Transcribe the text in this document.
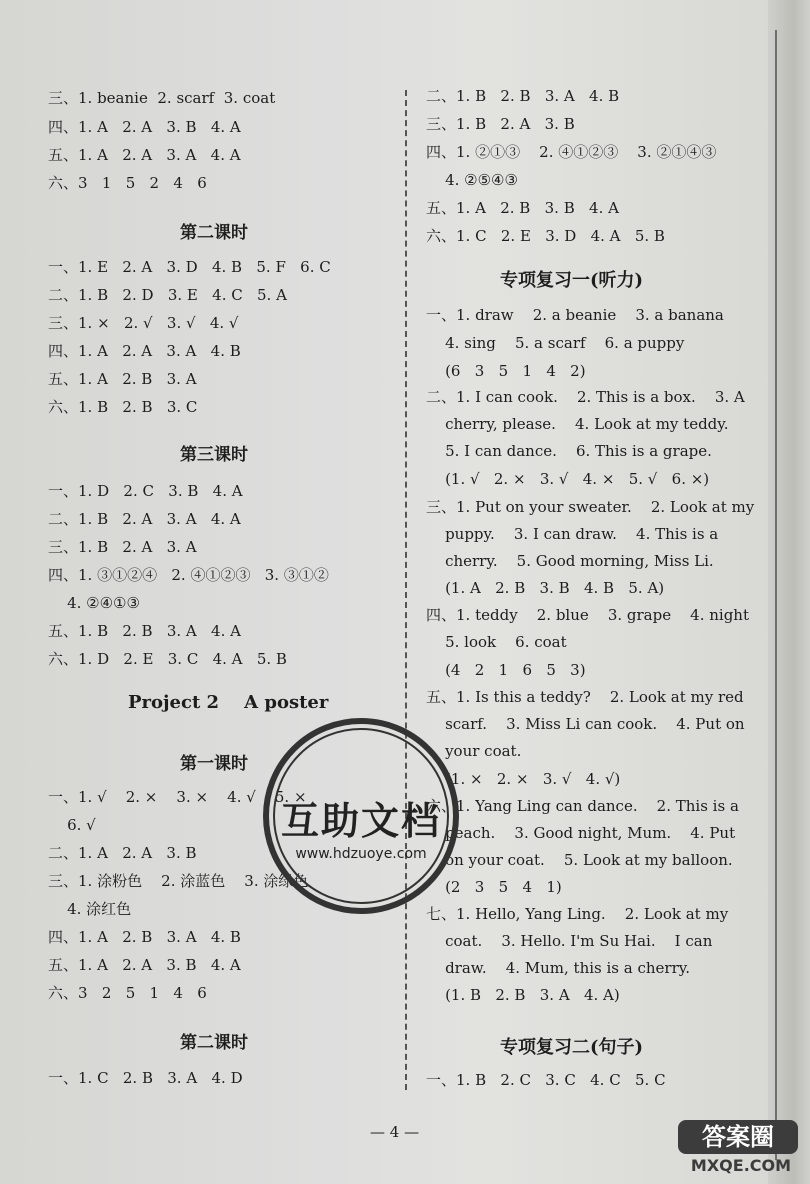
三、1. beanie  2. scarf  3. coat
四、1. A   2. A   3. B   4. A
五、1. A   2. A   3. A   4. A
六、3   1   5   2   4   6
第二课时
一、1. E   2. A   3. D   4. B   5. F   6. C
二、1. B   2. D   3. E   4. C   5. A
三、1. ×   2. √   3. √   4. √
四、1. A   2. A   3. A   4. B
五、1. A   2. B   3. A
六、1. B   2. B   3. C
第三课时
一、1. D   2. C   3. B   4. A
二、1. B   2. A   3. A   4. A
三、1. B   2. A   3. A
四、1. ③①②④   2. ④①②③   3. ③①②
4. ②④①③
五、1. B   2. B   3. A   4. A
六、1. D   2. E   3. C   4. A   5. B
Project 2    A poster
第一课时
一、1. √    2. ×    3. ×    4. √    5. ×
6. √
二、1. A   2. A   3. B
三、1. 涂粉色    2. 涂蓝色    3. 涂绿色
4. 涂红色
四、1. A   2. B   3. A   4. B
五、1. A   2. A   3. B   4. A
六、3   2   5   1   4   6
第二课时
一、1. C   2. B   3. A   4. D
二、1. B   2. B   3. A   4. B
三、1. B   2. A   3. B
四、1. ②①③    2. ④①②③    3. ②①④③
4. ②⑤④③
五、1. A   2. B   3. B   4. A
六、1. C   2. E   3. D   4. A   5. B
专项复习一(听力)
一、1. draw    2. a beanie    3. a banana
4. sing    5. a scarf    6. a puppy
(6   3   5   1   4   2)
二、1. I can cook.    2. This is a box.    3. A
cherry, please.    4. Look at my teddy.
5. I can dance.    6. This is a grape.
(1. √   2. ×   3. √   4. ×   5. √   6. ×)
三、1. Put on your sweater.    2. Look at my
puppy.    3. I can draw.    4. This is a
cherry.    5. Good morning, Miss Li.
(1. A   2. B   3. B   4. B   5. A)
四、1. teddy    2. blue    3. grape    4. night
5. look    6. coat
(4   2   1   6   5   3)
五、1. Is this a teddy?    2. Look at my red
scarf.    3. Miss Li can cook.    4. Put on
your coat.
(1. ×   2. ×   3. √   4. √)
六、1. Yang Ling can dance.    2. This is a
peach.    3. Good night, Mum.    4. Put
on your coat.    5. Look at my balloon.
(2   3   5   4   1)
七、1. Hello, Yang Ling.    2. Look at my
coat.    3. Hello. I'm Su Hai.    I can
draw.    4. Mum, this is a cherry.
(1. B   2. B   3. A   4. A)
专项复习二(句子)
一、1. B   2. C   3. C   4. C   5. C
— 4 —
互助文档
www.hdzuoye.com
答案圈
MXQE.COM
